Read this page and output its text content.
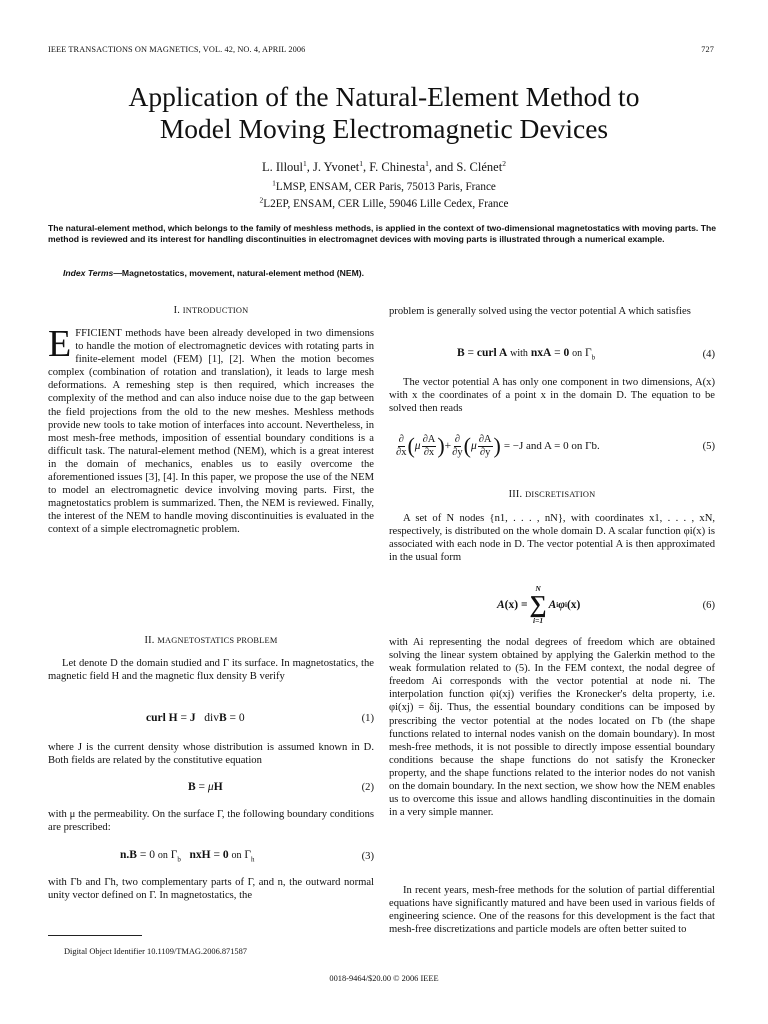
IEEE TRANSACTIONS ON MAGNETICS, VOL. 42, NO. 4, APRIL 2006	727
Application of the Natural-Element Method to
Model Moving Electromagnetic Devices
L. Illoul$^1$, J. Yvonet$^1$, F. Chinesta$^1$, and S. Clénet$^2$
$^1$LMSP, ENSAM, CER Paris, 75013 Paris, France
$^2$L2EP, ENSAM, CER Lille, 59046 Lille Cedex, France
The natural-element method, which belongs to the family of meshless methods, is applied in the context of two-dimensional magnetostatics with moving parts. The method is reviewed and its interest for handling discontinuities in electromagnet devices with moving parts is illustrated through a numerical example.
Index Terms—Magnetostatics, movement, natural-element method (NEM).
I. INTRODUCTION
EFFICIENT methods have been already developed in two dimensions to handle the motion of electromagnetic devices with rotating parts in finite-element model (FEM) [1], [2]. When the motion becomes complex (combination of rotation and translation), it leads to large mesh deformations. A remeshing step is then required, which increases the complexity of the method and can also induce noise due to the gap between the field projections from the old to the new meshes. Meshless methods provide new tools to take motion of interfaces into account. Nevertheless, in most mesh-free methods, imposition of essential boundary conditions is a difficult task. The natural-element method (NEM), which is a great interest in the domain of mechanics, enables us to easily overcome the aforementioned issues [3], [4]. In this paper, we propose the use of the NEM to model an electromagnetic device involving moving parts. First, the magnetostatics problem is summarized. Then, the NEM is reviewed. Finally, the interest of the NEM to handle moving discontinuities is evaluated in the context of a simple electromagnetic problem.
II. MAGNETOSTATICS PROBLEM
Let denote D the domain studied and Γ its surface. In magnetostatics, the magnetic field H and the magnetic flux density B verify
curl H = J   divB = 0	(1)
where J is the current density whose distribution is assumed known in D. Both fields are related by the constitutive equation
B = μH	(2)
with μ the permeability. On the surface Γ, the following boundary conditions are prescribed:
n.B = 0 on $\Gamma_b$ nxH = 0 on $\Gamma_h$	(3)
with Γb and Γh, two complementary parts of Γ, and n, the outward normal unity vector defined on Γ. In magnetostatics, the
Digital Object Identifier 10.1109/TMAG.2006.871587
problem is generally solved using the vector potential A which satisfies
B = curl A with nxA = 0 on $\Gamma_b$	(4)
The vector potential A has only one component in two dimensions, A(x) with x the coordinates of a point x in the domain D. The equation to be solved then reads
$\frac{\partial}{\partial x}$ ( μ $\frac{\partial A}{\partial x}$ ) + $\frac{\partial}{\partial y}$ ( μ $\frac{\partial A}{\partial y}$ ) = −J and A = 0 on Γb.	(5)
III. DISCRETISATION
A set of N nodes {n1, . . . , nN}, with coordinates x1, . . . , xN, respectively, is distributed on the whole domain D. A scalar function φi(x) is associated with each node in D. The vector potential A is then approximated in the usual form
A (x) =
N
∑
i=1
A i φ i (x)	(6)
with Ai representing the nodal degrees of freedom which are obtained solving the linear system obtained by applying the Galerkin method to the weak formulation related to (5). In the FEM context, the nodal degree of freedom Ai corresponds with the vector potential at node ni. The interpolation function φi(xj) verifies the Kronecker's delta property, i.e. φi(xj) = δij. Thus, the essential boundary conditions can be imposed by prescribing the vector potential at the nodes located on Γb (the shape functions related to internal nodes vanish on the domain boundary). In most mesh-free methods, it is not possible to directly impose essential boundary conditions because the shape functions do not satisfy the Kronecker property, and the shape functions related to the interior nodes do not vanish on the domain boundary. In the next section, we show how the NEM enables us to overcome this issue and allows handling discontinuities in the domain in a very simple manner.
In recent years, mesh-free methods for the solution of partial differential equations have significantly matured and have been used in various fields of engineering science. One of the reasons for this development is the fact that mesh-free discretizations and particle models are often better suited to
0018-9464/$20.00 © 2006 IEEE
